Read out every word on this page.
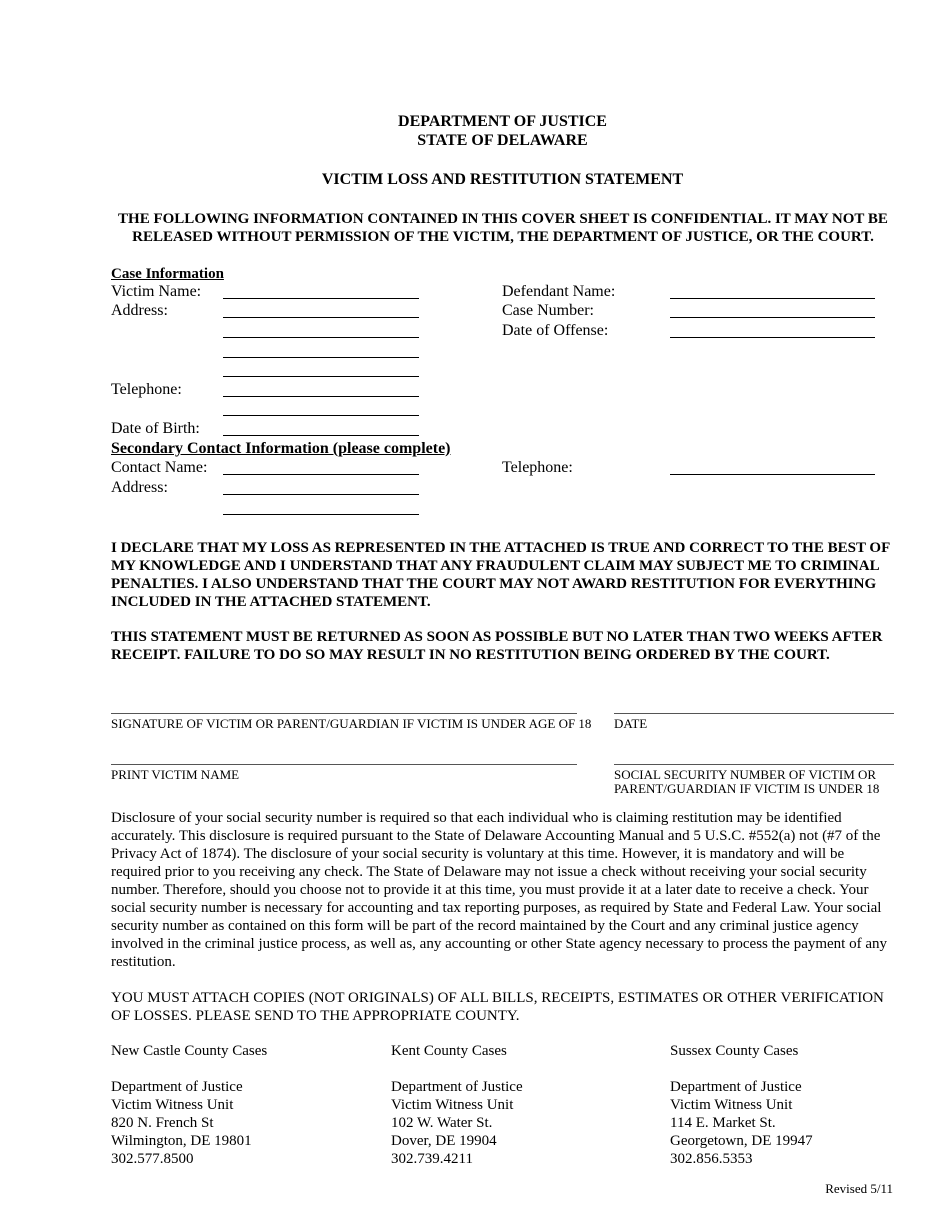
DEPARTMENT OF JUSTICE
STATE OF DELAWARE
VICTIM LOSS AND RESTITUTION STATEMENT
THE FOLLOWING INFORMATION CONTAINED IN THIS COVER SHEET IS CONFIDENTIAL. IT MAY NOT BE RELEASED WITHOUT PERMISSION OF THE VICTIM, THE DEPARTMENT OF JUSTICE, OR THE COURT.
Case Information
Victim Name:
Address:
Telephone:
Date of Birth:
Defendant Name:
Case Number:
Date of Offense:
Secondary Contact Information (please complete)
Contact Name:
Address:
Telephone:
I DECLARE THAT MY LOSS AS REPRESENTED IN THE ATTACHED IS TRUE AND CORRECT TO THE BEST OF MY KNOWLEDGE AND I UNDERSTAND THAT ANY FRAUDULENT CLAIM MAY SUBJECT ME TO CRIMINAL PENALTIES. I ALSO UNDERSTAND THAT THE COURT MAY NOT AWARD RESTITUTION FOR EVERYTHING INCLUDED IN THE ATTACHED STATEMENT.
THIS STATEMENT MUST BE RETURNED AS SOON AS POSSIBLE BUT NO LATER THAN TWO WEEKS AFTER RECEIPT. FAILURE TO DO SO MAY RESULT IN NO RESTITUTION BEING ORDERED BY THE COURT.
SIGNATURE OF VICTIM OR PARENT/GUARDIAN IF VICTIM IS UNDER AGE OF 18 DATE
PRINT VICTIM NAME	SOCIAL SECURITY NUMBER OF VICTIM OR
PARENT/GUARDIAN IF VICTIM IS UNDER 18
Disclosure of your social security number is required so that each individual who is claiming restitution may be identified accurately. This disclosure is required pursuant to the State of Delaware Accounting Manual and 5 U.S.C. #552(a) not (#7 of the Privacy Act of 1874). The disclosure of your social security is voluntary at this time. However, it is mandatory and will be required prior to you receiving any check. The State of Delaware may not issue a check without receiving your social security number. Therefore, should you choose not to provide it at this time, you must provide it at a later date to receive a check. Your social security number is necessary for accounting and tax reporting purposes, as required by State and Federal Law. Your social security number as contained on this form will be part of the record maintained by the Court and any criminal justice agency involved in the criminal justice process, as well as, any accounting or other State agency necessary to process the payment of any restitution.
YOU MUST ATTACH COPIES (NOT ORIGINALS) OF ALL BILLS, RECEIPTS, ESTIMATES OR OTHER VERIFICATION OF LOSSES. PLEASE SEND TO THE APPROPRIATE COUNTY.
New Castle County Cases
Department of Justice
Victim Witness Unit
820 N. French St
Wilmington, DE 19801
302.577.8500
Kent County Cases
Department of Justice
Victim Witness Unit
102 W. Water St.
Dover, DE 19904
302.739.4211
Sussex County Cases
Department of Justice
Victim Witness Unit
114 E. Market St.
Georgetown, DE 19947
302.856.5353
Revised 5/11
